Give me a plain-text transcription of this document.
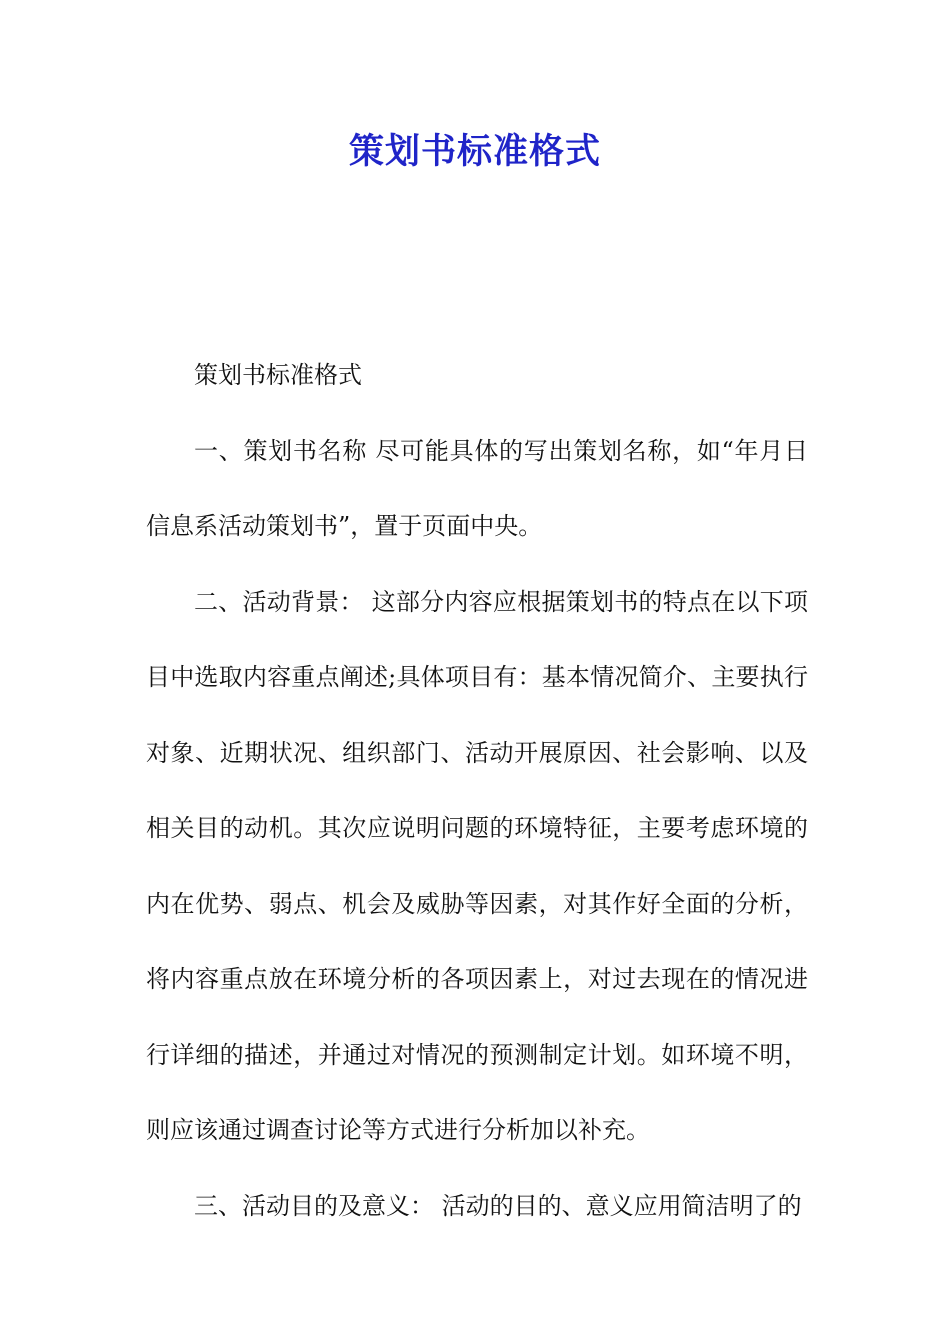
策划书标准格式

策划书标准格式

一、策划书名称 尽可能具体的写出策划名称，如“年月日信息系活动策划书”，置于页面中央。

二、活动背景： 这部分内容应根据策划书的特点在以下项目中选取内容重点阐述;具体项目有：基本情况简介、主要执行对象、近期状况、组织部门、活动开展原因、社会影响、以及相关目的动机。其次应说明问题的环境特征，主要考虑环境的内在优势、弱点、机会及威胁等因素，对其作好全面的分析，将内容重点放在环境分析的各项因素上，对过去现在的情况进行详细的描述，并通过对情况的预测制定计划。如环境不明，则应该通过调查讨论等方式进行分析加以补充。

三、活动目的及意义： 活动的目的、意义应用简洁明了的
